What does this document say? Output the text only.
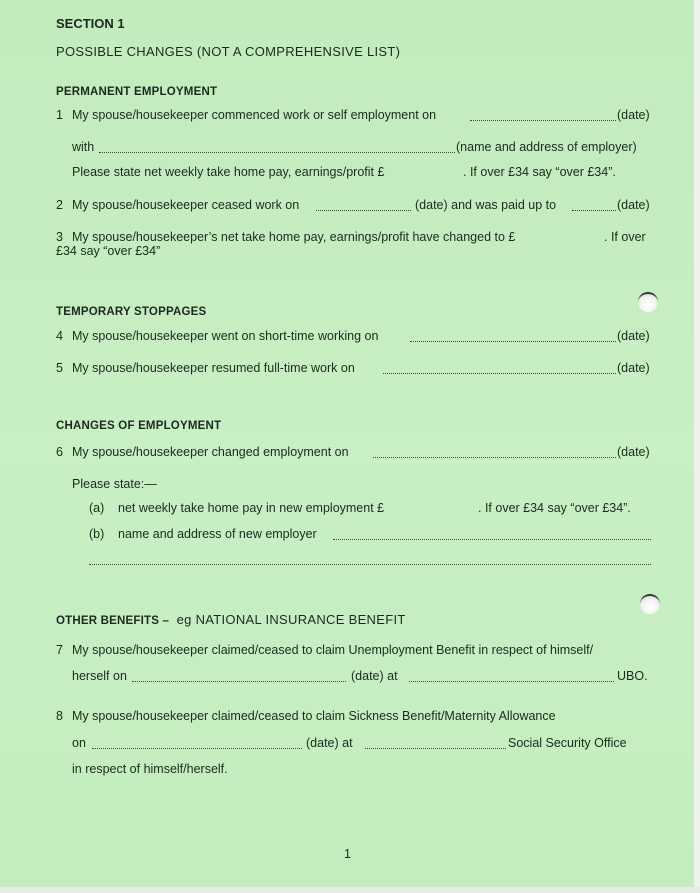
SECTION 1
POSSIBLE CHANGES (NOT A COMPREHENSIVE LIST)
PERMANENT EMPLOYMENT
1 My spouse/housekeeper commenced work or self employment on	(date)
with	(name and address of employer)
Please state net weekly take home pay, earnings/profit £	. If over £34 say “over £34”.
2 My spouse/housekeeper ceased work on	(date) and was paid up to	(date)
3 My spouse/housekeeper’s net take home pay, earnings/profit have changed to £	. If over
£34 say “over £34”
TEMPORARY STOPPAGES
4 My spouse/housekeeper went on short-time working on	(date)
5 My spouse/housekeeper resumed full-time work on	(date)
CHANGES OF EMPLOYMENT
6 My spouse/housekeeper changed employment on	(date)
Please state:—
(a) net weekly take home pay in new employment £	. If over £34 say “over £34”.
(b) name and address of new employer
OTHER BENEFITS – eg NATIONAL INSURANCE BENEFIT
7 My spouse/housekeeper claimed/ceased to claim Unemployment Benefit in respect of himself/
herself on	(date) at	UBO.
8 My spouse/housekeeper claimed/ceased to claim Sickness Benefit/Maternity Allowance
on	(date) at	Social Security Office
in respect of himself/herself.
1
